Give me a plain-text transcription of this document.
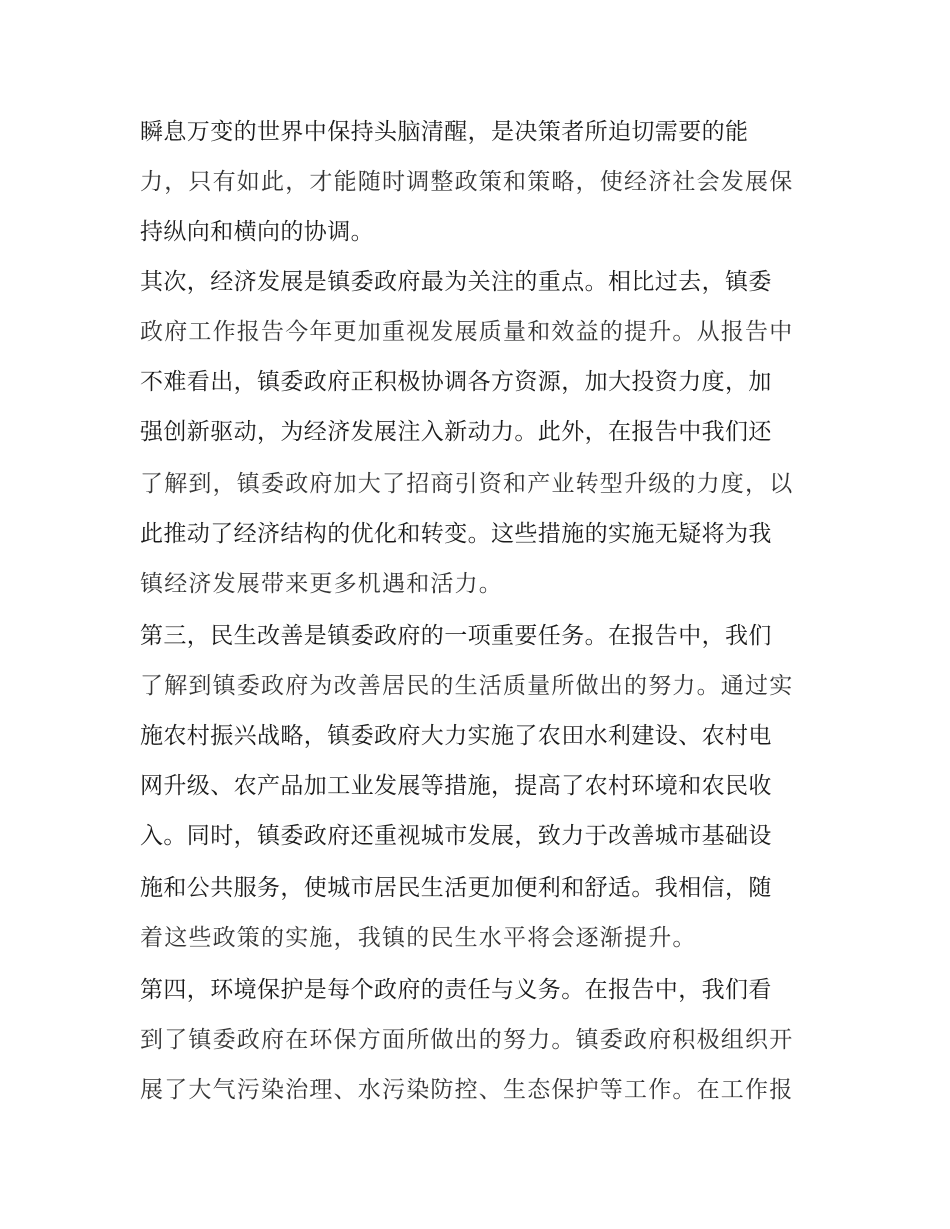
瞬息万变的世界中保持头脑清醒，是决策者所迫切需要的能
力，只有如此，才能随时调整政策和策略，使经济社会发展保
持纵向和横向的协调。
其次，经济发展是镇委政府最为关注的重点。相比过去，镇委
政府工作报告今年更加重视发展质量和效益的提升。从报告中
不难看出，镇委政府正积极协调各方资源，加大投资力度，加
强创新驱动，为经济发展注入新动力。此外，在报告中我们还
了解到，镇委政府加大了招商引资和产业转型升级的力度，以
此推动了经济结构的优化和转变。这些措施的实施无疑将为我
镇经济发展带来更多机遇和活力。
第三，民生改善是镇委政府的一项重要任务。在报告中，我们
了解到镇委政府为改善居民的生活质量所做出的努力。通过实
施农村振兴战略，镇委政府大力实施了农田水利建设、农村电
网升级、农产品加工业发展等措施，提高了农村环境和农民收
入。同时，镇委政府还重视城市发展，致力于改善城市基础设
施和公共服务，使城市居民生活更加便利和舒适。我相信，随
着这些政策的实施，我镇的民生水平将会逐渐提升。
第四，环境保护是每个政府的责任与义务。在报告中，我们看
到了镇委政府在环保方面所做出的努力。镇委政府积极组织开
展了大气污染治理、水污染防控、生态保护等工作。在工作报
